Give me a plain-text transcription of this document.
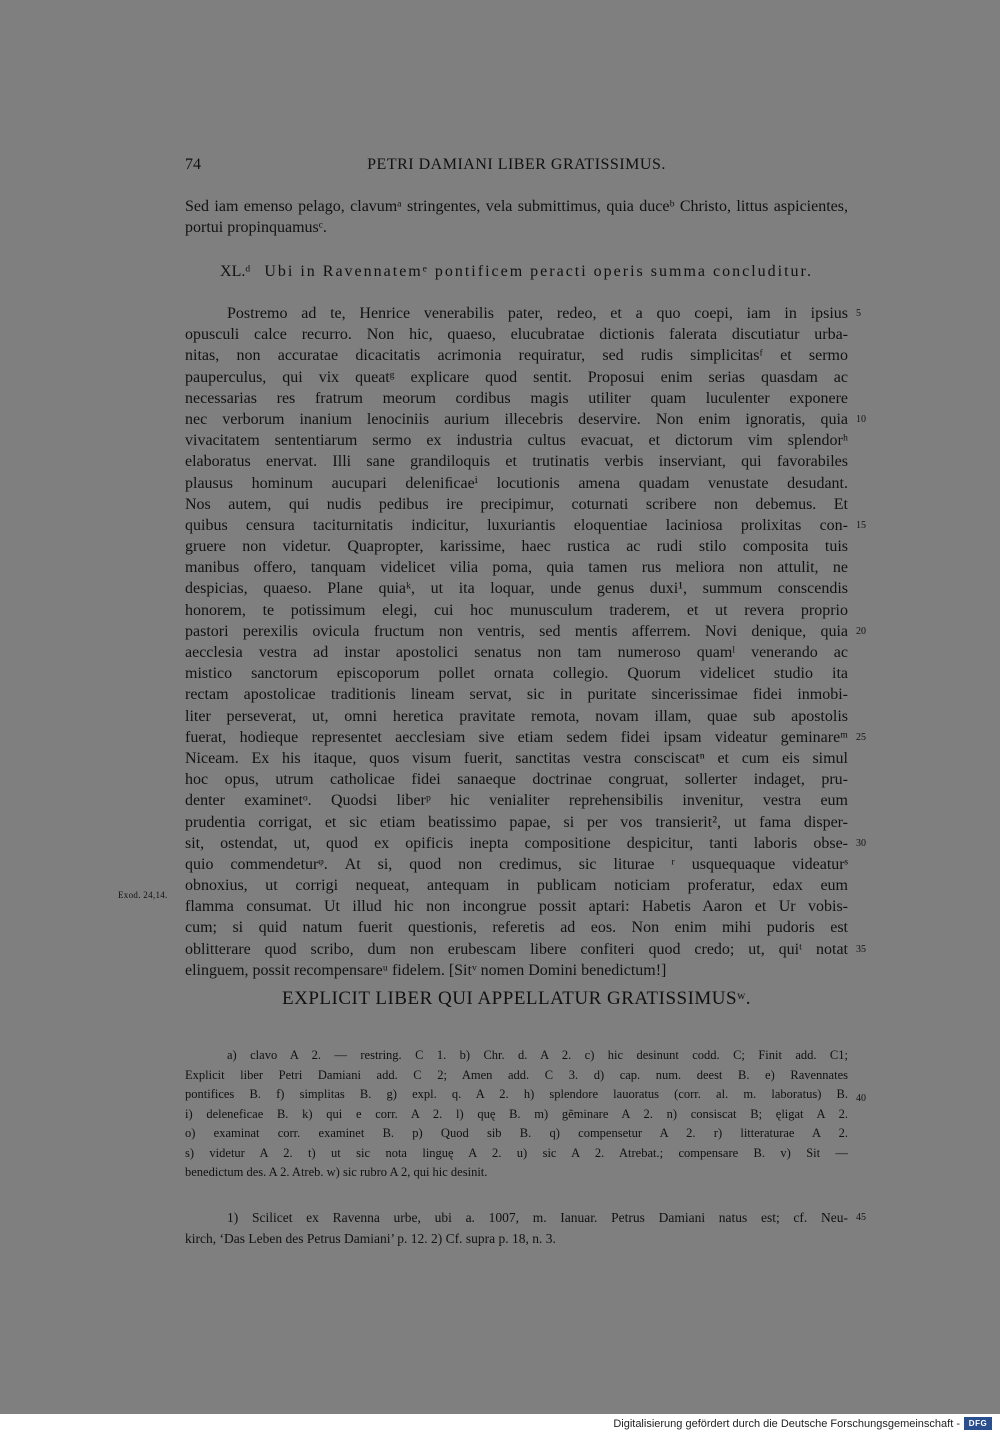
74	PETRI DAMIANI LIBER GRATISSIMUS.
Sed iam emenso pelago, clavumᵃ stringentes, vela submittimus, quia duceᵇ Christo, littus aspicientes, portui propinquamusᶜ.
XL.ᵈ Ubi in Ravennatemᵉ pontificem peracti operis summa concluditur.
Postremo ad te, Henrice venerabilis pater, redeo, et a quo coepi, iam in ipsius
opusculi calce recurro. Non hic, quaeso, elucubratae dictionis falerata discutiatur urba-
nitas, non accuratae dicacitatis acrimonia requiratur, sed rudis simplicitasᶠ et sermo
pauperculus, qui vix queatᵍ explicare quod sentit. Proposui enim serias quasdam ac
necessarias res fratrum meorum cordibus magis utiliter quam luculenter exponere
nec verborum inanium lenociniis aurium illecebris deservire. Non enim ignoratis, quia
vivacitatem sententiarum sermo ex industria cultus evacuat, et dictorum vim splendorʰ
elaboratus enervat. Illi sane grandiloquis et trutinatis verbis inserviant, qui favorabiles
plausus hominum aucupari deleniﬁcaeⁱ locutionis amena quadam venustate desudant.
Nos autem, qui nudis pedibus ire precipimur, coturnati scribere non debemus. Et
quibus censura taciturnitatis indicitur, luxuriantis eloquentiae laciniosa prolixitas con-
gruere non videtur. Quapropter, karissime, haec rustica ac rudi stilo composita tuis
manibus offero, tanquam videlicet vilia poma, quia tamen rus meliora non attulit, ne
despicias, quaeso. Plane quiaᵏ, ut ita loquar, unde genus duxi¹, summum conscendis
honorem, te potissimum elegi, cui hoc munusculum traderem, et ut revera proprio
pastori perexilis ovicula fructum non ventris, sed mentis afferrem. Novi denique, quia
aecclesia vestra ad instar apostolici senatus non tam numeroso quamˡ venerando ac
mistico sanctorum episcoporum pollet ornata collegio. Quorum videlicet studio ita
rectam apostolicae traditionis lineam servat, sic in puritate sincerissimae fidei inmobi-
liter perseverat, ut, omni heretica pravitate remota, novam illam, quae sub apostolis
fuerat, hodieque representet aecclesiam sive etiam sedem fidei ipsam videatur geminareᵐ
Niceam. Ex his itaque, quos visum fuerit, sanctitas vestra consciscatⁿ et cum eis simul
hoc opus, utrum catholicae fidei sanaeque doctrinae congruat, sollerter indaget, pru-
denter examinetᵒ. Quodsi liberᵖ hic venialiter reprehensibilis invenitur, vestra eum
prudentia corrigat, et sic etiam beatissimo papae, si per vos transierit², ut fama disper-
sit, ostendat, ut, quod ex opificis inepta compositione despicitur, tanti laboris obse-
quio commendeturᵠ. At si, quod non credimus, sic liturae ʳ usquequaque videaturˢ
obnoxius, ut corrigi nequeat, antequam in publicam noticiam proferatur, edax eum
flamma consumat. Ut illud hic non incongrue possit aptari: Habetis Aaron et Ur vobis-
cum; si quid natum fuerit questionis, referetis ad eos. Non enim mihi pudoris est
oblitterare quod scribo, dum non erubescam libere confiteri quod credo; ut, quiᵗ notat
elinguem, possit recompensareᵘ fidelem. [Sitᵛ nomen Domini benedictum!]
5
10
15
20
25
30
35
Exod. 24,14.
EXPLICIT LIBER QUI APPELLATUR GRATISSIMUSʷ.
a) clavo A 2. — restring. C 1. b) Chr. d. A 2. c) hic desinunt codd. C; Finit add. C1;
Explicit liber Petri Damiani add. C 2; Amen add. C 3. d) cap. num. deest B. e) Ravennates
pontifices B. f) simplitas B. g) expl. q. A 2. h) splendore lauoratus (corr. al. m. laboratus) B.
i) deleneficae B. k) qui e corr. A 2. l) quę B. m) gẽminare A 2. n) consiscat B; ęligat A 2.
o) examinat corr. examinet B. p) Quod sib B. q) compensetur A 2. r) litteraturae A 2.
s) videtur A 2. t) ut sic nota linguę A 2. u) sic A 2. Atrebat.; compensare B. v) Sit —
benedictum des. A 2. Atreb. w) sic rubro A 2, qui hic desinit.
40
1) Scilicet ex Ravenna urbe, ubi a. 1007, m. Ianuar. Petrus Damiani natus est; cf. Neu-
kirch, ‘Das Leben des Petrus Damiani’ p. 12. 2) Cf. supra p. 18, n. 3.
45
Digitalisierung gefördert durch die Deutsche Forschungsgemeinschaft -	DFG
